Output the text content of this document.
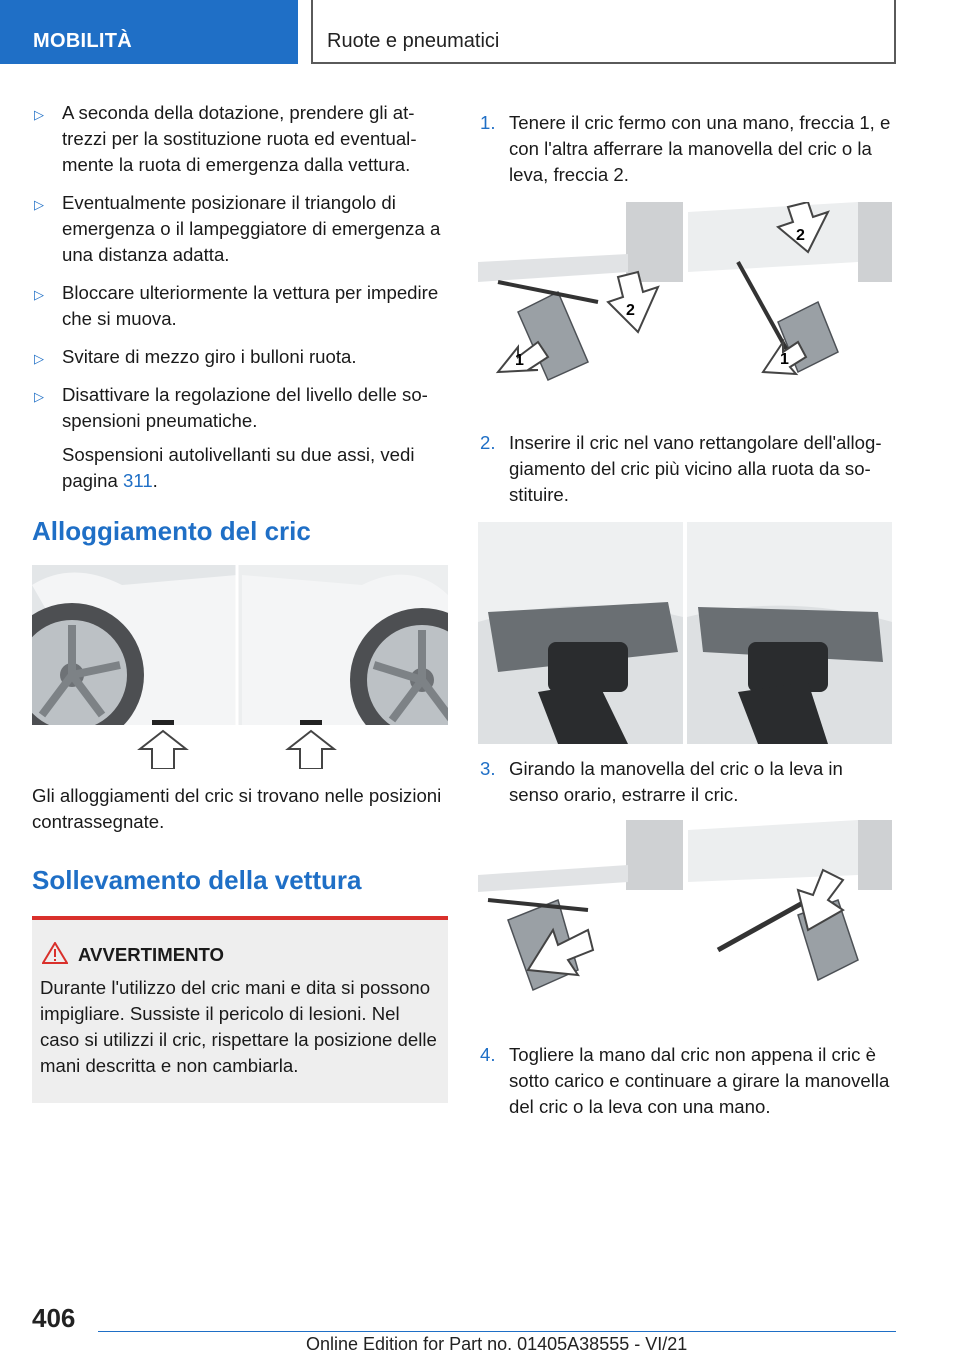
MOBILITÀ	Ruote e pneumatici
▷ A seconda della dotazione, prendere gli at‐trezzi per la sostituzione ruota ed eventual‐mente la ruota di emergenza dalla vettura.
▷ Eventualmente posizionare il triangolo di emergenza o il lampeggiatore di emergenza a una distanza adatta.
▷ Bloccare ulteriormente la vettura per impedire che si muova.
▷ Svitare di mezzo giro i bulloni ruota.
▷ Disattivare la regolazione del livello delle so‐spensioni pneumatiche.
Sospensioni autolivellanti su due assi, vedi pagina 311.
Alloggiamento del cric
Gli alloggiamenti del cric si trovano nelle posizioni contrassegnate.
Sollevamento della vettura
AVVERTIMENTO
Durante l'utilizzo del cric mani e dita si possono impigliare. Sussiste il pericolo di lesioni. Nel caso si utilizzi il cric, rispettare la posizione delle mani descritta e non cambiarla.
1. Tenere il cric fermo con una mano, freccia 1, e con l'altra afferrare la manovella del cric o la leva, freccia 2.
1
2
1
2
2. Inserire il cric nel vano rettangolare dell'allog‐giamento del cric più vicino alla ruota da so‐stituire.
3. Girando la manovella del cric o la leva in senso orario, estrarre il cric.
4. Togliere la mano dal cric non appena il cric è sotto carico e continuare a girare la manovella del cric o la leva con una mano.
406
Online Edition for Part no. 01405A38555 - VI/21
